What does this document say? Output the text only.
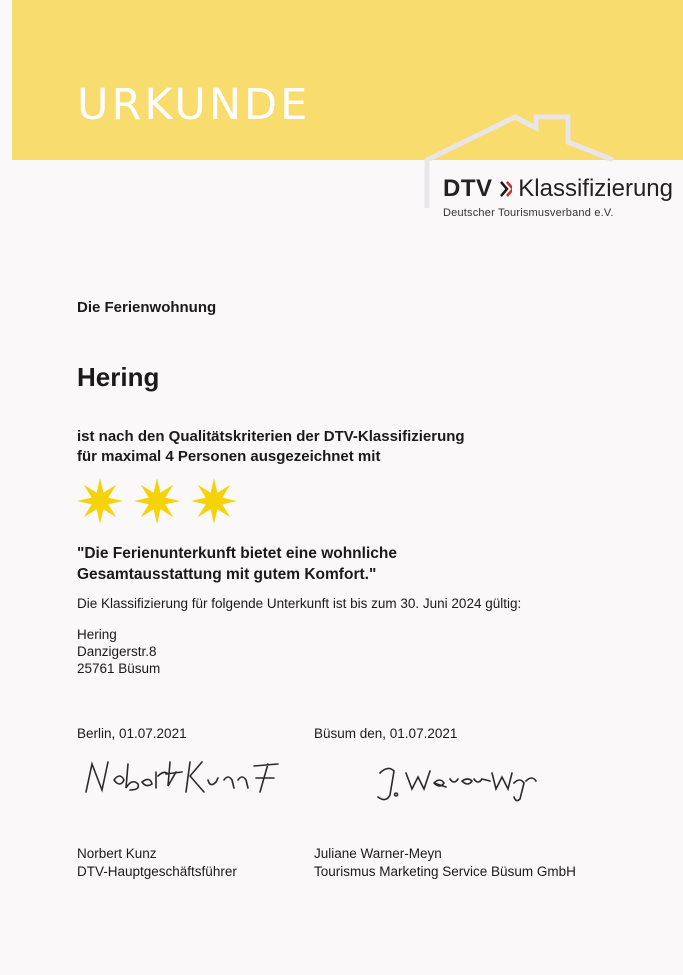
URKUNDE
DTV Klassifizierung
Deutscher Tourismusverband e.V.
Die Ferienwohnung
Hering
ist nach den Qualitätskriterien der DTV-Klassifizierung
für maximal 4 Personen ausgezeichnet mit
"Die Ferienunterkunft bietet eine wohnliche
Gesamtausstattung mit gutem Komfort."
Die Klassifizierung für folgende Unterkunft ist bis zum 30. Juni 2024 gültig:
Hering
Danzigerstr.8
25761 Büsum
Berlin, 01.07.2021	Büsum den, 01.07.2021
Norbert Kunz
DTV-Hauptgeschäftsführer
Juliane Warner-Meyn
Tourismus Marketing Service Büsum GmbH
